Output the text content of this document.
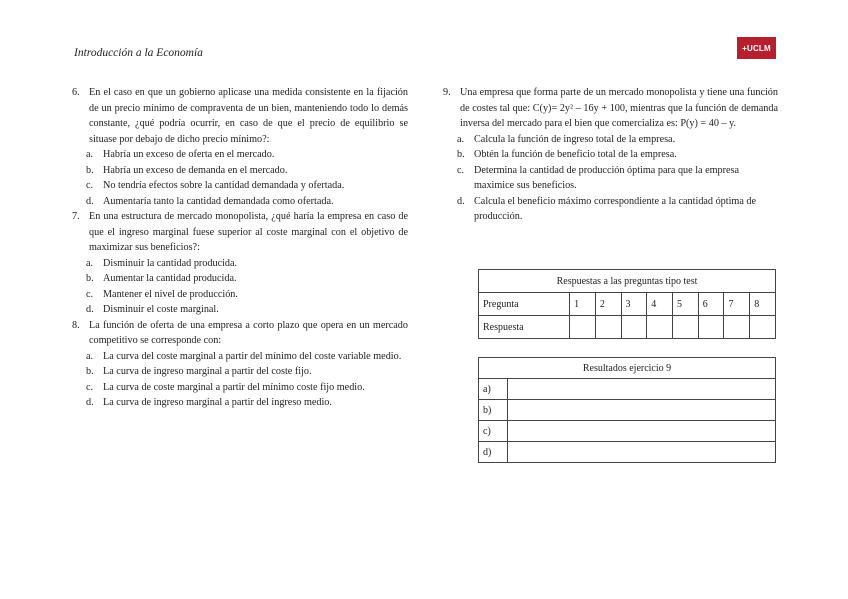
Introducción a la Economía	+UCLM
6. En el caso en que un gobierno aplicase una medida consistente en la fijación de un precio mínimo de compraventa de un bien, manteniendo todo lo demás constante, ¿qué podría ocurrir, en caso de que el precio de equilibrio se situase por debajo de dicho precio mínimo?:
a. Habría un exceso de oferta en el mercado.
b. Habría un exceso de demanda en el mercado.
c. No tendría efectos sobre la cantidad demandada y ofertada.
d. Aumentaría tanto la cantidad demandada como ofertada.
7. En una estructura de mercado monopolista, ¿qué haría la empresa en caso de que el ingreso marginal fuese superior al coste marginal con el objetivo de maximizar sus beneficios?:
a. Disminuir la cantidad producida.
b. Aumentar la cantidad producida.
c. Mantener el nivel de producción.
d. Disminuir el coste marginal.
8. La función de oferta de una empresa a corto plazo que opera en un mercado competitivo se corresponde con:
a. La curva del coste marginal a partir del mínimo del coste variable medio.
b. La curva de ingreso marginal a partir del coste fijo.
c. La curva de coste marginal a partir del mínimo coste fijo medio.
d. La curva de ingreso marginal a partir del ingreso medio.
9. Una empresa que forma parte de un mercado monopolista y tiene una función de costes tal que: C(y)= 2y² – 16y + 100, mientras que la función de demanda inversa del mercado para el bien que comercializa es: P(y) = 40 – y.
a. Calcula la función de ingreso total de la empresa.
b. Obtén la función de beneficio total de la empresa.
c. Determina la cantidad de producción óptima para que la empresa maximice sus beneficios.
d. Calcula el beneficio máximo correspondiente a la cantidad óptima de producción.
Respuestas a las preguntas tipo test								
Pregunta	1	2	3	4	5	6	7	8
Respuesta								
Resultados ejercicio 9	
a)	
b)	
c)	
d)	
